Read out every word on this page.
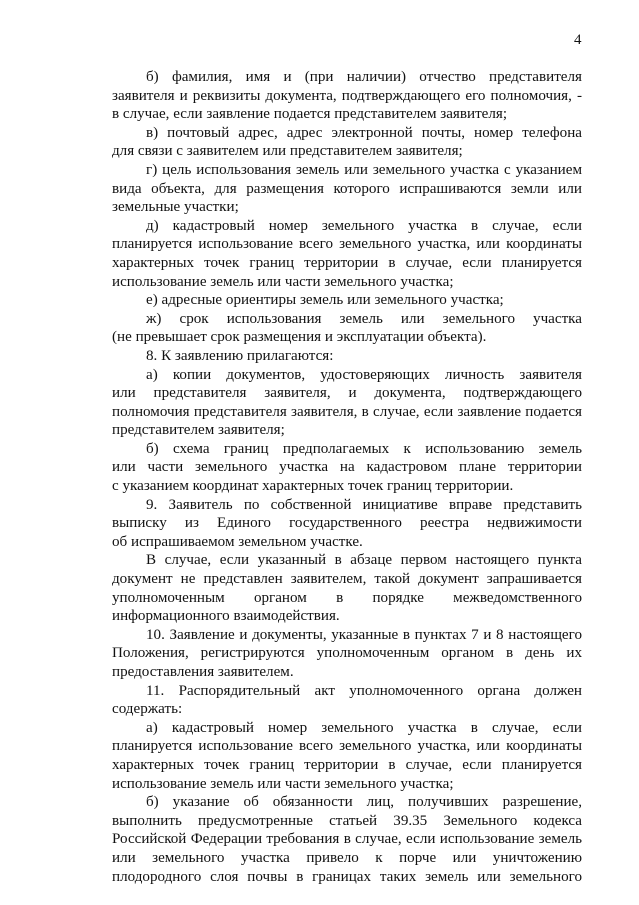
4
б) фамилия, имя и (при наличии) отчество представителя
заявителя и реквизиты документа, подтверждающего его полномочия, -
в случае, если заявление подается представителем заявителя;
в) почтовый адрес, адрес электронной почты, номер телефона
для связи с заявителем или представителем заявителя;
г) цель использования земель или земельного участка с указанием
вида объекта, для размещения которого испрашиваются земли или
земельные участки;
д) кадастровый номер земельного участка в случае, если
планируется использование всего земельного участка, или координаты
характерных точек границ территории в случае, если планируется
использование земель или части земельного участка;
е) адресные ориентиры земель или земельного участка;
ж) срок использования земель или земельного участка
(не превышает срок размещения и эксплуатации объекта).
8. К заявлению прилагаются:
а) копии документов, удостоверяющих личность заявителя
или представителя заявителя, и документа, подтверждающего
полномочия представителя заявителя, в случае, если заявление подается
представителем заявителя;
б) схема границ предполагаемых к использованию земель
или части земельного участка на кадастровом плане территории
с указанием координат характерных точек границ территории.
9. Заявитель по собственной инициативе вправе представить
выписку из Единого государственного реестра недвижимости
об испрашиваемом земельном участке.
В случае, если указанный в абзаце первом настоящего пункта
документ не представлен заявителем, такой документ запрашивается
уполномоченным органом в порядке межведомственного
информационного взаимодействия.
10. Заявление и документы, указанные в пунктах 7 и 8 настоящего
Положения, регистрируются уполномоченным органом в день их
предоставления заявителем.
11. Распорядительный акт уполномоченного органа должен
содержать:
а) кадастровый номер земельного участка в случае, если
планируется использование всего земельного участка, или координаты
характерных точек границ территории в случае, если планируется
использование земель или части земельного участка;
б) указание об обязанности лиц, получивших разрешение,
выполнить предусмотренные статьей 39.35 Земельного кодекса
Российской Федерации требования в случае, если использование земель
или земельного участка привело к порче или уничтожению
плодородного слоя почвы в границах таких земель или земельного
